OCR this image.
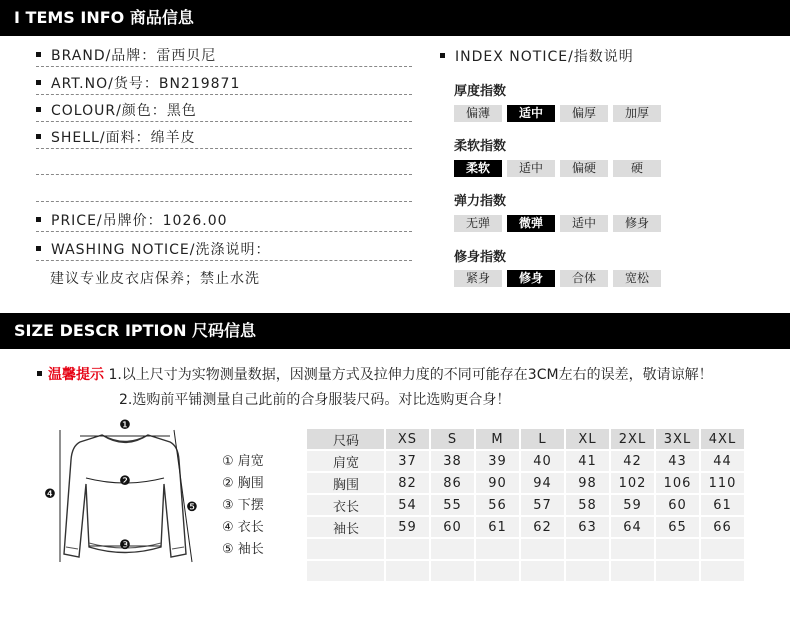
I TEMS INFO 商品信息
BRAND/品牌：雷西贝尼
ART.NO/货号：BN219871
COLOUR/颜色：黑色
SHELL/面料：绵羊皮
PRICE/吊牌价：1026.00
WASHING NOTICE/洗涤说明：
建议专业皮衣店保养；禁止水洗
INDEX NOTICE/指数说明
厚度指数
偏薄	适中	偏厚	加厚
柔软指数
柔软	适中	偏硬	硬
弹力指数
无弹	微弹	适中	修身
修身指数
紧身	修身	合体	宽松
SIZE DESCR IPTION 尺码信息
温馨提示 1.以上尺寸为实物测量数据，因测量方式及拉伸力度的不同可能存在3CM左右的误差，敬请谅解！
2.选购前平铺测量自己此前的合身服装尺码。对比选购更合身！
❶
❷
❸
❹
❺
① 肩宽
② 胸围
③ 下摆
④ 衣长
⑤ 袖长
尺码	XS	S	M	L	XL	2XL	3XL	4XL
肩宽	37	38	39	40	41	42	43	44
胸围	82	86	90	94	98	102	106	110
衣长	54	55	56	57	58	59	60	61
袖长	59	60	61	62	63	64	65	66
